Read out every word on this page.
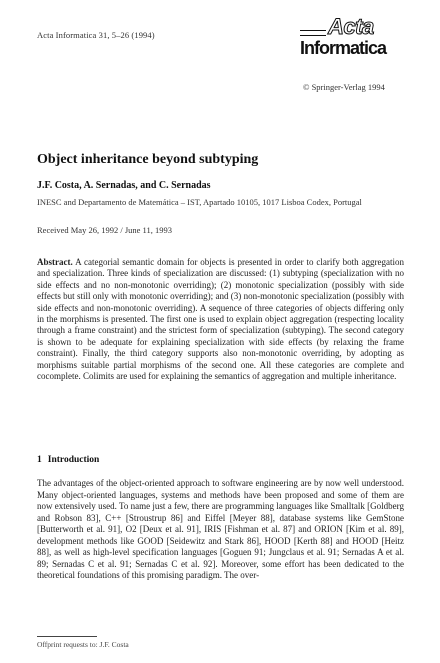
Acta Informatica 31, 5–26 (1994)	Acta
Informatica
© Springer-Verlag 1994
Object inheritance beyond subtyping
J.F. Costa, A. Sernadas, and C. Sernadas
INESC and Departamento de Matemática – IST, Apartado 10105, 1017 Lisboa Codex, Portugal
Received May 26, 1992 / June 11, 1993

Abstract. A categorial semantic domain for objects is presented in order to clarify both aggregation and specialization. Three kinds of specialization are discussed: (1) subtyping (specialization with no side effects and no non-monotonic overriding); (2) monotonic specialization (possibly with side effects but still only with monotonic overriding); and (3) non-monotonic specialization (possibly with side effects and non-monotonic overriding). A sequence of three categories of objects differing only in the morphisms is presented. The first one is used to explain object aggregation (respecting locality through a frame constraint) and the strictest form of specialization (subtyping). The second category is shown to be adequate for explaining specialization with side effects (by relaxing the frame constraint). Finally, the third category supports also non-monotonic overriding, by adopting as morphisms suitable partial morphisms of the second one. All these categories are complete and cocomplete. Colimits are used for explaining the semantics of aggregation and multiple inheritance.

1 Introduction

The advantages of the object-oriented approach to software engineering are by now well understood. Many object-oriented languages, systems and methods have been proposed and some of them are now extensively used. To name just a few, there are programming languages like Smalltalk [Goldberg and Robson 83], C++ [Stroustrup 86] and Eiffel [Meyer 88], database systems like GemStone [Butterworth et al. 91], O2 [Deux et al. 91], IRIS [Fishman et al. 87] and ORION [Kim et al. 89], development methods like GOOD [Seidewitz and Stark 86], HOOD [Kerth 88] and HOOD [Heitz 88], as well as high-level specification languages [Goguen 91; Jungclaus et al. 91; Sernadas A et al. 89; Sernadas C et al. 91; Sernadas C et al. 92]. Moreover, some effort has been dedicated to the theoretical foundations of this promising paradigm. The over-

Offprint requests to: J.F. Costa
